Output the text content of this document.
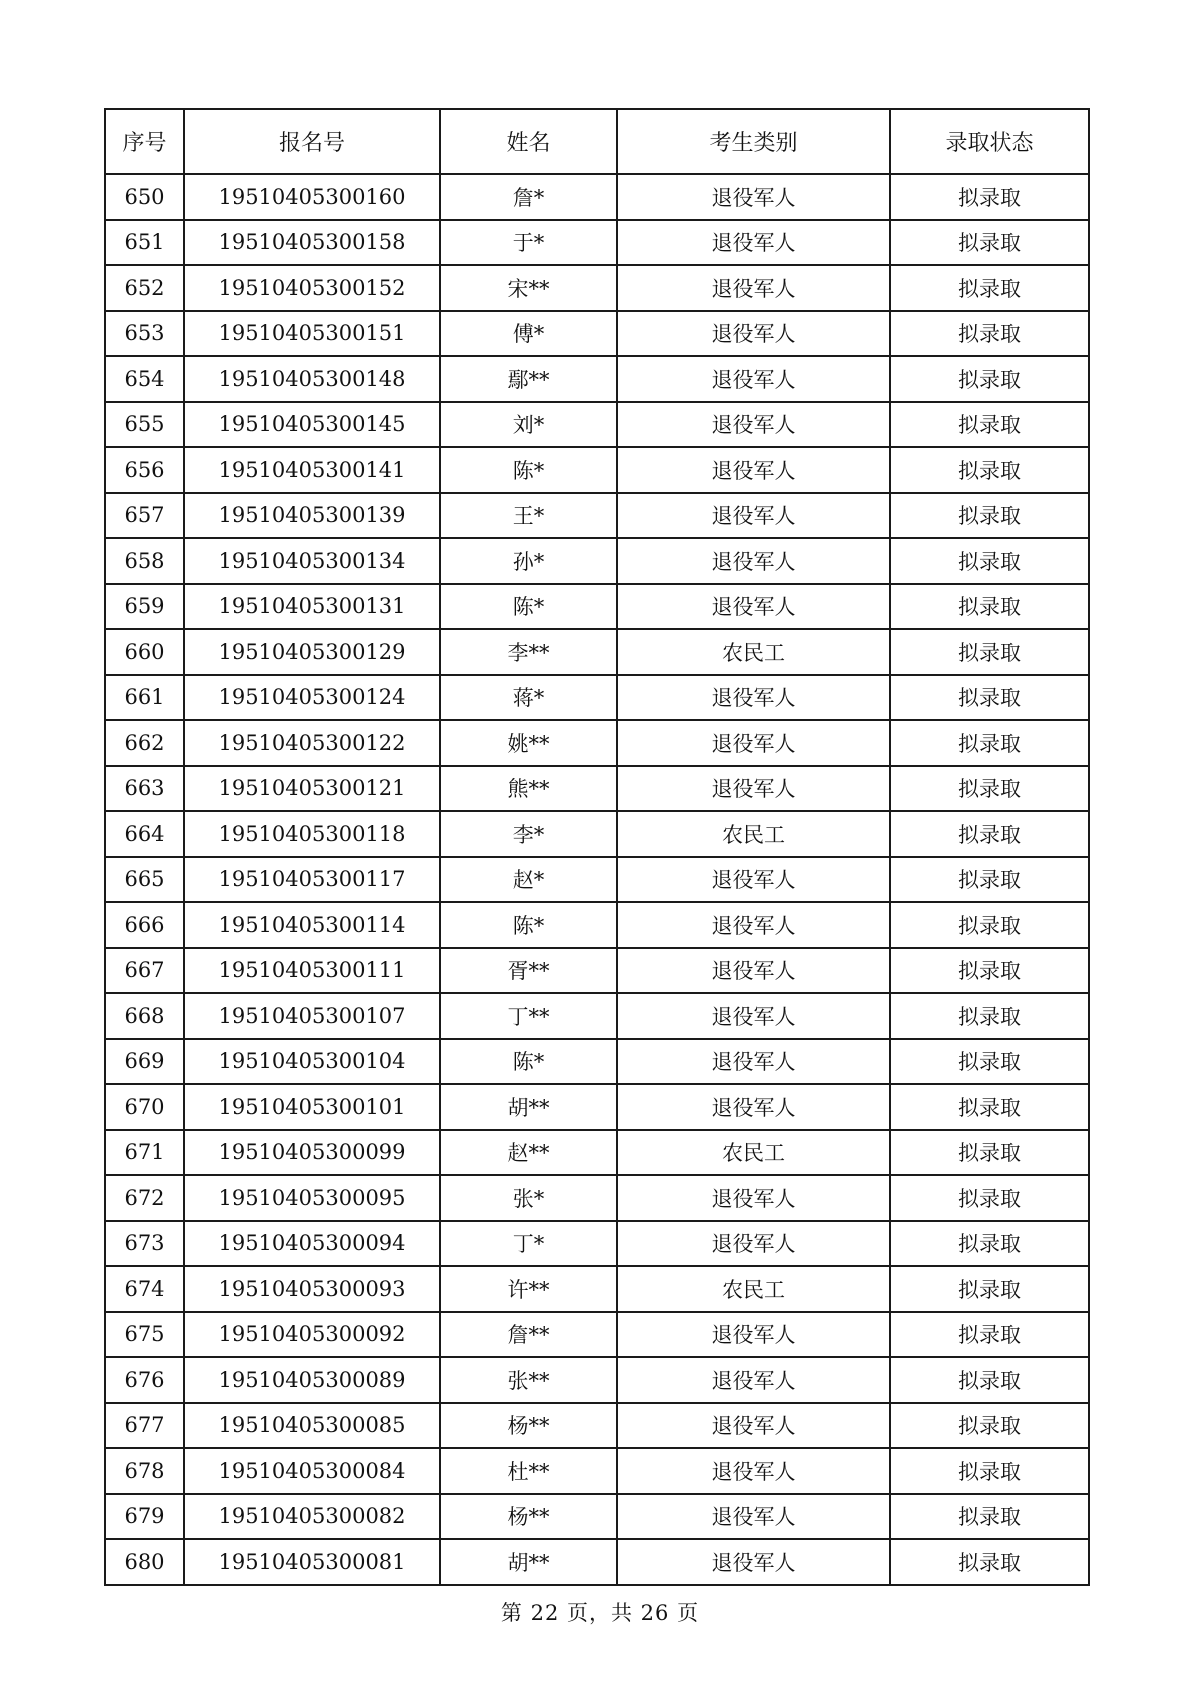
序号	报名号	姓名	考生类别	录取状态
650	19510405300160	詹*	退役军人	拟录取
651	19510405300158	于*	退役军人	拟录取
652	19510405300152	宋**	退役军人	拟录取
653	19510405300151	傅*	退役军人	拟录取
654	19510405300148	鄢**	退役军人	拟录取
655	19510405300145	刘*	退役军人	拟录取
656	19510405300141	陈*	退役军人	拟录取
657	19510405300139	王*	退役军人	拟录取
658	19510405300134	孙*	退役军人	拟录取
659	19510405300131	陈*	退役军人	拟录取
660	19510405300129	李**	农民工	拟录取
661	19510405300124	蒋*	退役军人	拟录取
662	19510405300122	姚**	退役军人	拟录取
663	19510405300121	熊**	退役军人	拟录取
664	19510405300118	李*	农民工	拟录取
665	19510405300117	赵*	退役军人	拟录取
666	19510405300114	陈*	退役军人	拟录取
667	19510405300111	胥**	退役军人	拟录取
668	19510405300107	丁**	退役军人	拟录取
669	19510405300104	陈*	退役军人	拟录取
670	19510405300101	胡**	退役军人	拟录取
671	19510405300099	赵**	农民工	拟录取
672	19510405300095	张*	退役军人	拟录取
673	19510405300094	丁*	退役军人	拟录取
674	19510405300093	许**	农民工	拟录取
675	19510405300092	詹**	退役军人	拟录取
676	19510405300089	张**	退役军人	拟录取
677	19510405300085	杨**	退役军人	拟录取
678	19510405300084	杜**	退役军人	拟录取
679	19510405300082	杨**	退役军人	拟录取
680	19510405300081	胡**	退役军人	拟录取
第 22 页，共 26 页
